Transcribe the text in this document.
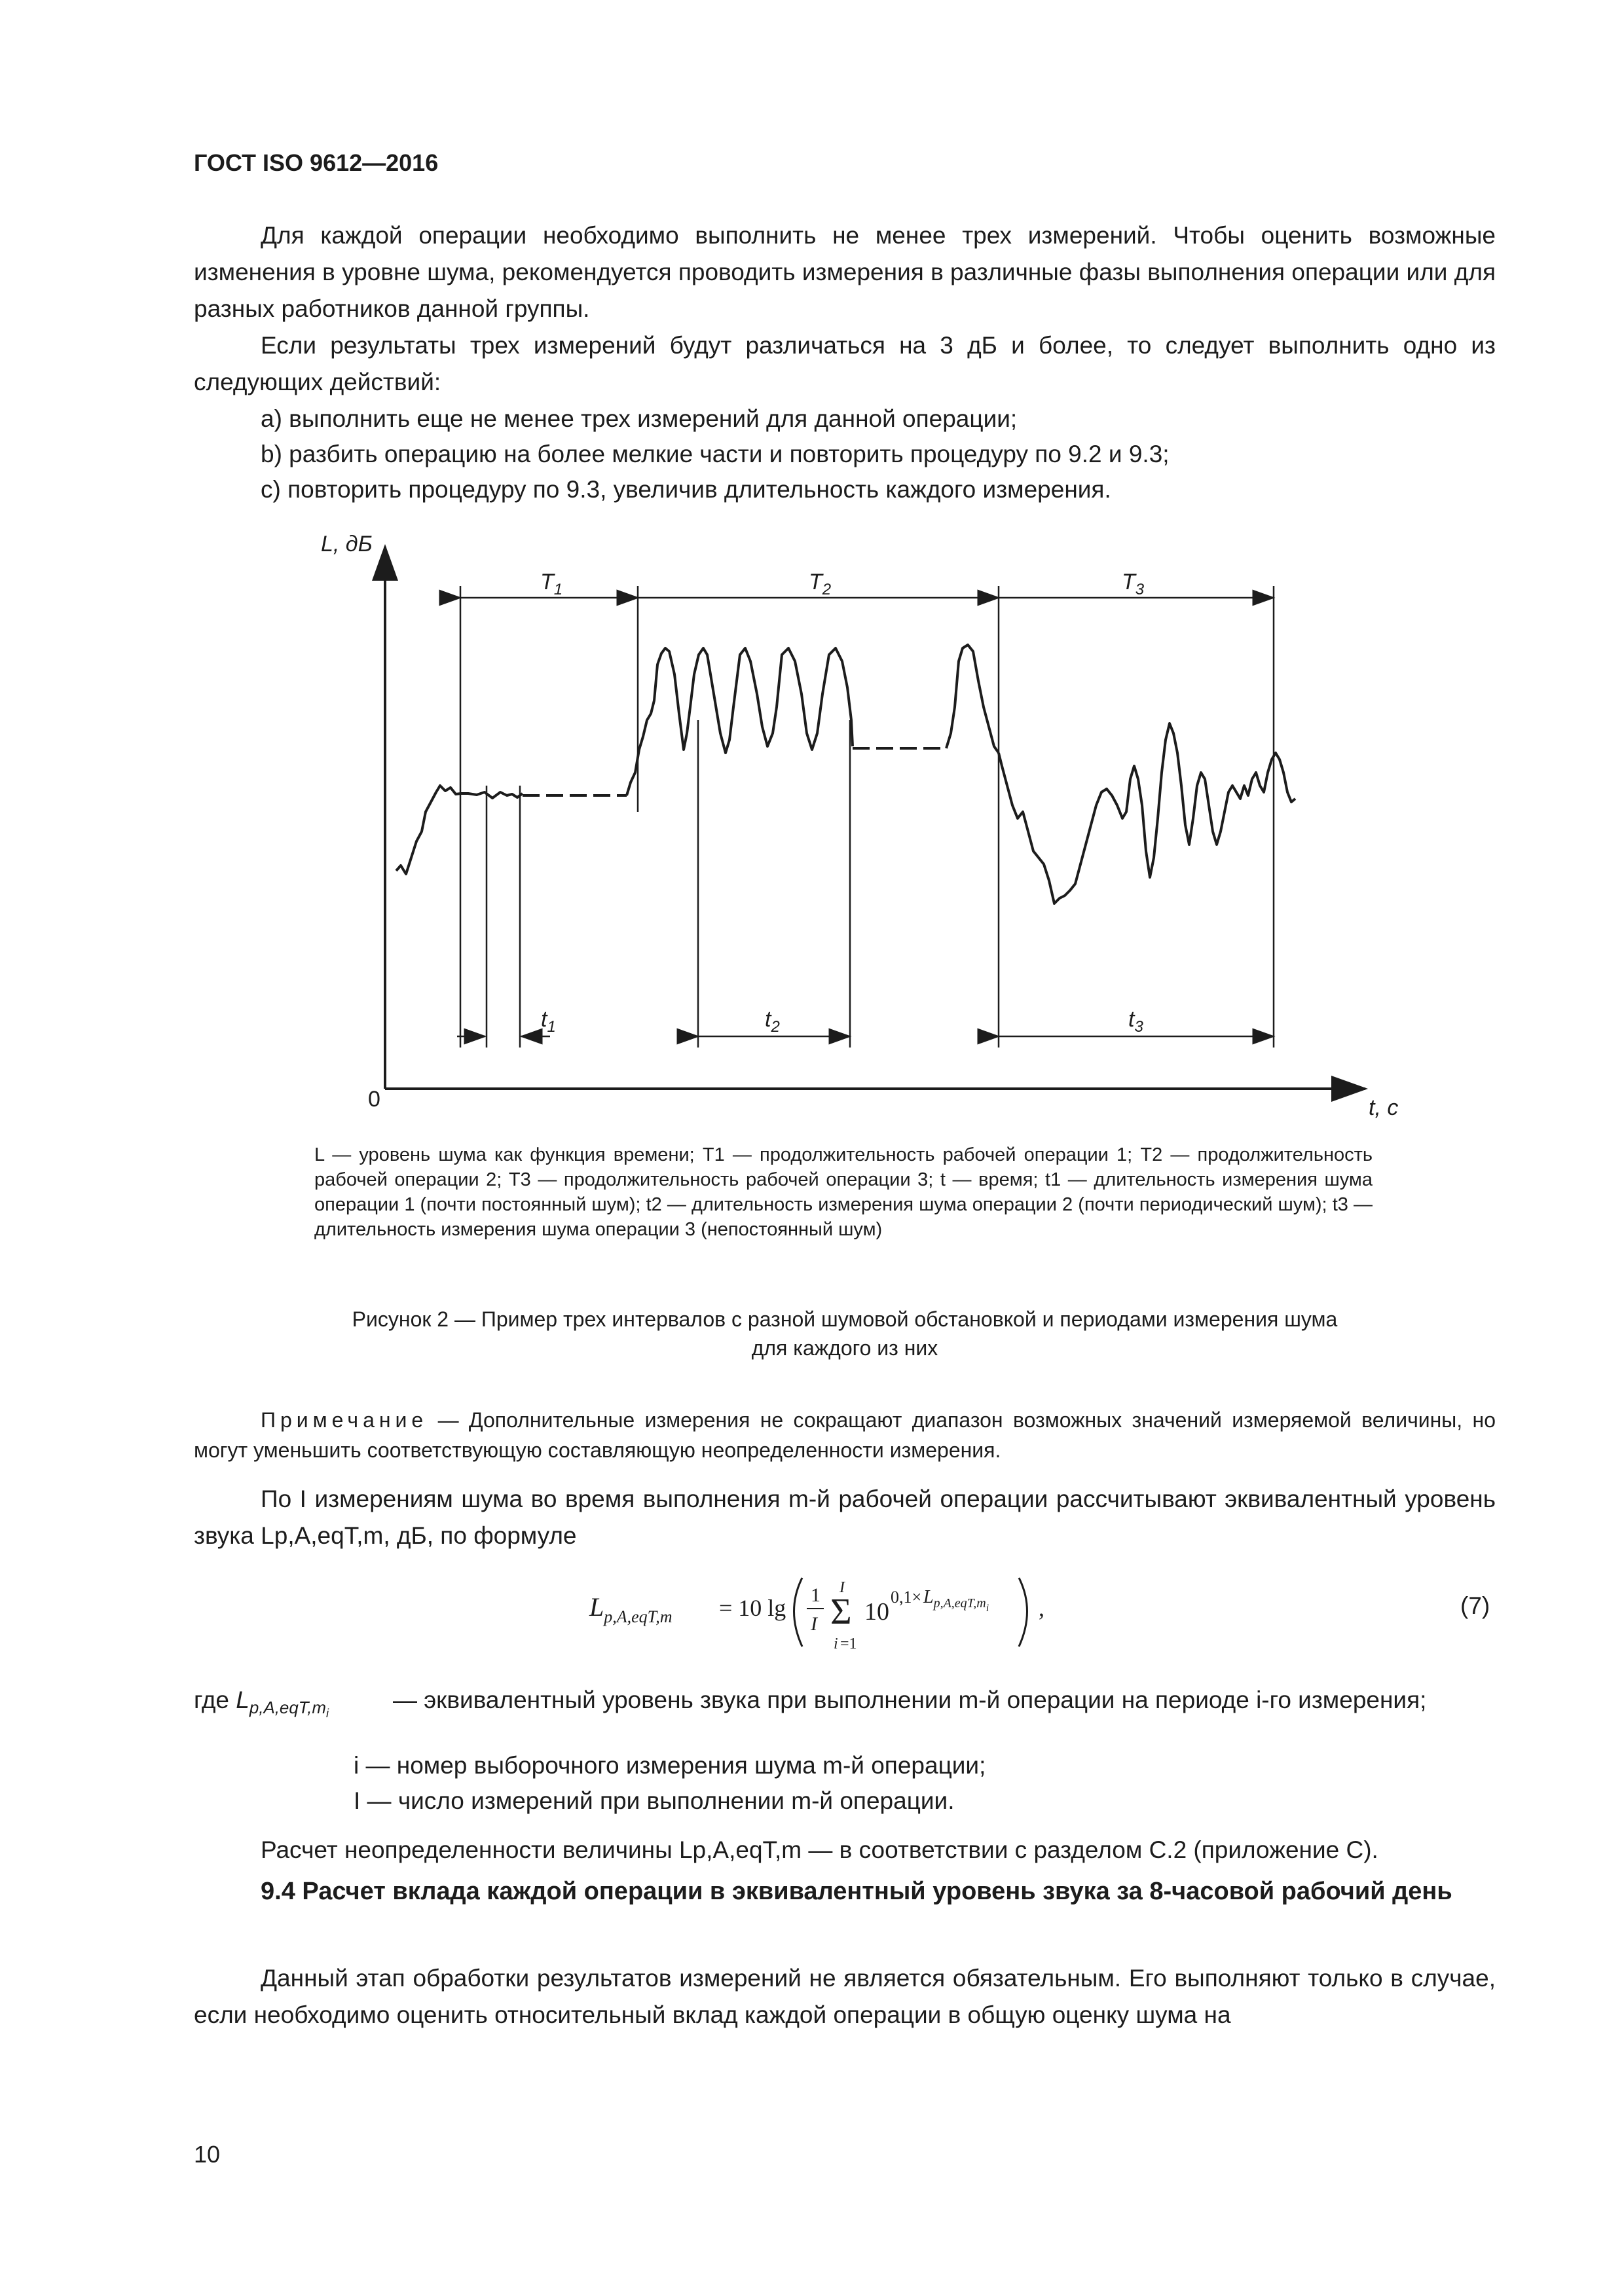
ГОСТ ISO 9612—2016
Для каждой операции необходимо выполнить не менее трех измерений. Чтобы оценить возможные изменения в уровне шума, рекомендуется проводить измерения в различные фазы выполнения операции или для разных работников данной группы.
Если результаты трех измерений будут различаться на 3 дБ и более, то следует выполнить одно из следующих действий:
a) выполнить еще не менее трех измерений для данной операции;
b) разбить операцию на более мелкие части и повторить процедуру по 9.2 и 9.3;
c) повторить процедуру по 9.3, увеличив длительность каждого измерения.
L, дБ
t, с
0
$T_1$	$T_2$	$T_3$
$t_1$	$t_2$	$t_3$
L — уровень шума как функция времени; T1 — продолжительность рабочей операции 1; T2 — продолжительность рабочей операции 2; T3 — продолжительность рабочей операции 3; t — время; t1 — длительность измерения шума операции 1 (почти постоянный шум); t2 — длительность измерения шума операции 2 (почти периодический шум); t3 — длительность измерения шума операции 3 (непостоянный шум)
Рисунок 2 — Пример трех интервалов с разной шумовой обстановкой и периодами измерения шума
для каждого из них
Примечание — Дополнительные измерения не сокращают диапазон возможных значений измеряемой величины, но могут уменьшить соответствующую составляющую неопределенности измерения.
По I измерениям шума во время выполнения m-й рабочей операции рассчитывают эквивалентный уровень звука Lp,A,eqT,m, дБ, по формуле
$L_{p,A,eqT,m} = 10$ lg 1
I Σ
I
i =1
10
$0,1\times L_{p,A,eqT,mi}$ ,	(7)
где $L_{p,A,eqT,m_i}$
— эквивалентный уровень звука при выполнении m-й операции на периоде i-го измерения;
i — номер выборочного измерения шума m-й операции;
I — число измерений при выполнении m-й операции.
Расчет неопределенности величины Lp,A,eqT,m — в соответствии с разделом С.2 (приложение С).
9.4 Расчет вклада каждой операции в эквивалентный уровень звука за 8-часовой рабочий день
Данный этап обработки результатов измерений не является обязательным. Его выполняют только в случае, если необходимо оценить относительный вклад каждой операции в общую оценку шума на
10
